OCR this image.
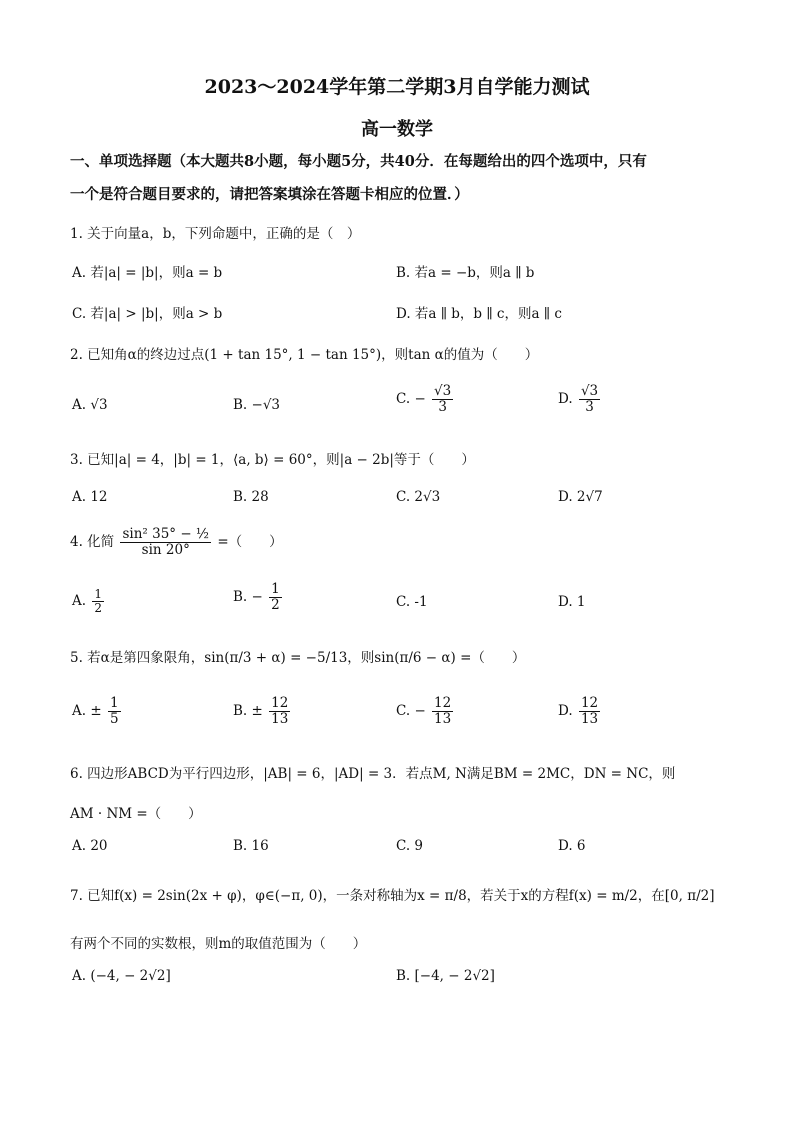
2023～2024学年第二学期3月自学能力测试
高一数学
一、单项选择题（本大题共8小题，每小题5分，共40分．在每题给出的四个选项中，只有
一个是符合题目要求的，请把答案填涂在答题卡相应的位置．）
1. 关于向量a，b，下列命题中，正确的是（　）
A. 若|a| = |b|，则a = b	B. 若a = −b，则a ∥ b
C. 若|a| > |b|，则a > b	D. 若a ∥ b，b ∥ c，则a ∥ c
2. 已知角α的终边过点(1 + tan 15°, 1 − tan 15°)，则tan α的值为（　　）
A. √3	B. −√3	C. − $\frac{√3}{3}$	D. $\frac{√3}{3}$
3. 已知|a| = 4，|b| = 1，⟨a, b⟩ = 60°，则|a − 2b|等于（　　）
A. 12	B. 28	C. 2√3	D. 2√7
4. 化简 $\frac{\text{sin² 35° − ½}}{\sin 20^\circ}$ =（　　）
A. $\frac{1}{2}$	B. − $\frac{1}{2}$	C. -1	D. 1
5. 若α是第四象限角，sin(π/3 + α) = −5/13，则sin(π/6 − α) =（　　）
A. ± $\frac{1}{5}$	B. ± $\frac{12}{13}$	C. − $\frac{12}{13}$	D. $\frac{12}{13}$
6. 四边形ABCD为平行四边形，|AB| = 6，|AD| = 3．若点M, N满足BM = 2MC，DN = NC，则
AM · NM =（　　）
A. 20	B. 16	C. 9	D. 6
7. 已知f(x) = 2sin(2x + φ)，φ∈(−π, 0)，一条对称轴为x = π/8，若关于x的方程f(x) = m/2，在[0, π/2]
有两个不同的实数根，则m的取值范围为（　　）
A. (−4, − 2√2]	B. [−4, − 2√2]
